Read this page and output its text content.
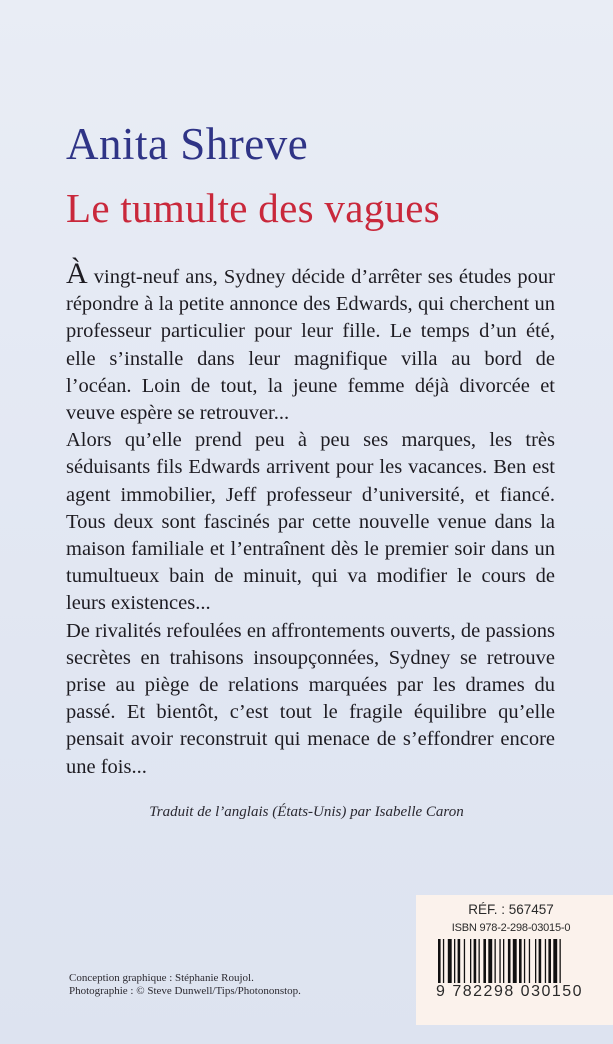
Anita Shreve
Le tumulte des vagues

À vingt-neuf ans, Sydney décide d’arrêter ses études pour répondre à la petite annonce des Edwards, qui cherchent un professeur particulier pour leur fille. Le temps d’un été, elle s’installe dans leur magnifique villa au bord de l’océan. Loin de tout, la jeune femme déjà divorcée et veuve espère se retrouver...

Alors qu’elle prend peu à peu ses marques, les très séduisants fils Edwards arrivent pour les vacances. Ben est agent immobilier, Jeff professeur d’université, et fiancé. Tous deux sont fascinés par cette nouvelle venue dans la maison familiale et l’entraînent dès le premier soir dans un tumultueux bain de minuit, qui va modifier le cours de leurs existences...

De rivalités refoulées en affrontements ouverts, de passions secrètes en trahisons insoupçonnées, Sydney se retrouve prise au piège de relations marquées par les drames du passé. Et bientôt, c’est tout le fragile équilibre qu’elle pensait avoir reconstruit qui menace de s’effondrer encore une fois...

Traduit de l’anglais (États-Unis) par Isabelle Caron
Conception graphique : Stéphanie Roujol.
Photographie : © Steve Dunwell/Tips/Photononstop.
RÉF. : 567457
ISBN 978-2-298-03015-0
9 782298 030150
